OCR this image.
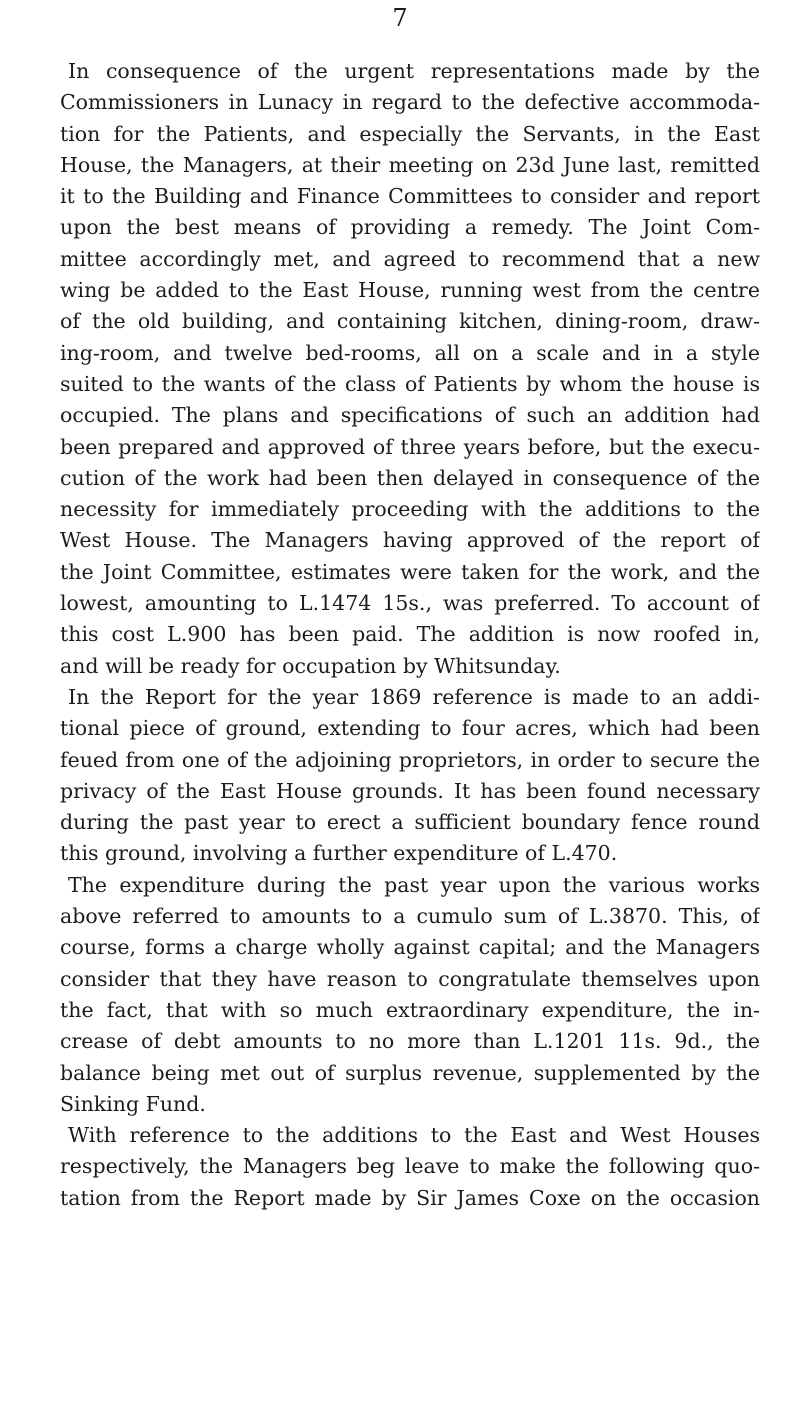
7
In consequence of the urgent representations made by the
Commissioners in Lunacy in regard to the defective accommoda-
tion for the Patients, and especially the Servants, in the East
House, the Managers, at their meeting on 23d June last, remitted
it to the Building and Finance Committees to consider and report
upon the best means of providing a remedy. The Joint Com-
mittee accordingly met, and agreed to recommend that a new
wing be added to the East House, running west from the centre
of the old building, and containing kitchen, dining-room, draw-
ing-room, and twelve bed-rooms, all on a scale and in a style
suited to the wants of the class of Patients by whom the house is
occupied. The plans and specifications of such an addition had
been prepared and approved of three years before, but the execu-
cution of the work had been then delayed in consequence of the
necessity for immediately proceeding with the additions to the
West House. The Managers having approved of the report of
the Joint Committee, estimates were taken for the work, and the
lowest, amounting to L.1474 15s., was preferred. To account of
this cost L.900 has been paid. The addition is now roofed in,
and will be ready for occupation by Whitsunday.
In the Report for the year 1869 reference is made to an addi-
tional piece of ground, extending to four acres, which had been
feued from one of the adjoining proprietors, in order to secure the
privacy of the East House grounds. It has been found necessary
during the past year to erect a sufficient boundary fence round
this ground, involving a further expenditure of L.470.
The expenditure during the past year upon the various works
above referred to amounts to a cumulo sum of L.3870. This, of
course, forms a charge wholly against capital; and the Managers
consider that they have reason to congratulate themselves upon
the fact, that with so much extraordinary expenditure, the in-
crease of debt amounts to no more than L.1201 11s. 9d., the
balance being met out of surplus revenue, supplemented by the
Sinking Fund.
With reference to the additions to the East and West Houses
respectively, the Managers beg leave to make the following quo-
tation from the Report made by Sir James Coxe on the occasion
